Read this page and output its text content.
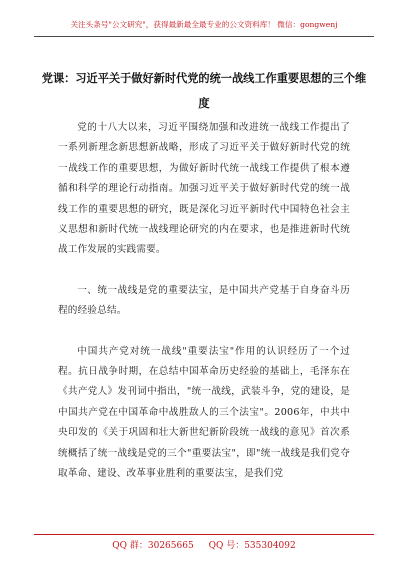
关注头条号"公文研究"，获得最新最全最专业的公文资料库！ 微信：gongwenj
党课：习近平关于做好新时代党的统一战线工作重要思想的三个维度

党的十八大以来，习近平围绕加强和改进统一战线工作提出了一系列新理念新思想新战略，形成了习近平关于做好新时代党的统一战线工作的重要思想，为做好新时代统一战线工作提供了根本遵循和科学的理论行动指南。加强习近平关于做好新时代党的统一战线工作的重要思想的研究，既是深化习近平新时代中国特色社会主义思想和新时代统一战线理论研究的内在要求，也是推进新时代统战工作发展的实践需要。

一、统一战线是党的重要法宝，是中国共产党基于自身奋斗历程的经验总结。

中国共产党对统一战线"重要法宝"作用的认识经历了一个过程。抗日战争时期，在总结中国革命历史经验的基础上，毛泽东在《共产党人》发刊词中指出，"统一战线，武装斗争，党的建设，是中国共产党在中国革命中战胜敌人的三个法宝"。2006年，中共中央印发的《关于巩固和壮大新世纪新阶段统一战线的意见》首次系统概括了统一战线是党的三个"重要法宝"，即"统一战线是我们党夺取革命、建设、改革事业胜利的重要法宝，是我们党

QQ 群：30265665 QQ 号：535304092
